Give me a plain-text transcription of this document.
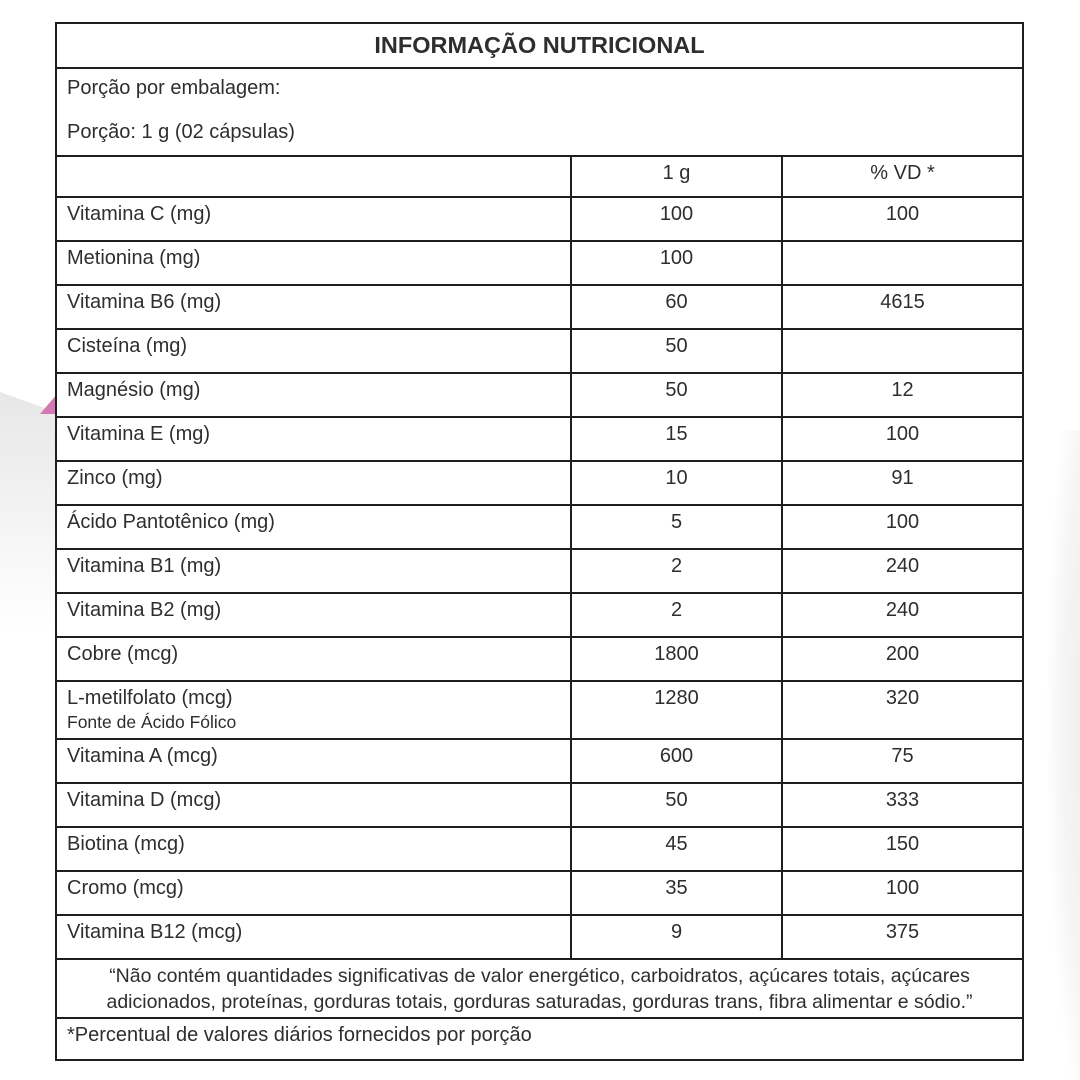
INFORMAÇÃO NUTRICIONAL		

Porção por embalagem:
Porção: 1 g (02 cápsulas)		

	1 g	% VD *

Vitamina C (mg)	100	100

Metionina (mg)	100	

Vitamina B6 (mg)	60	4615

Cisteína (mg)	50	

Magnésio (mg)	50	12

Vitamina E (mg)	15	100

Zinco (mg)	10	91

Ácido Pantotênico (mg)	5	100

Vitamina B1 (mg)	2	240

Vitamina B2 (mg)	2	240

Cobre (mcg)	1800	200

L-metilfolato (mcg)
Fonte de Ácido Fólico	1280	320

Vitamina A (mcg)	600	75

Vitamina D (mcg)	50	333

Biotina (mcg)	45	150

Cromo (mcg)	35	100

Vitamina B12 (mcg)	9	375
“Não contém quantidades significativas de valor energético, carboidratos, açúcares totais, açúcares adicionados, proteínas, gorduras totais, gorduras saturadas, gorduras trans, fibra alimentar e sódio.”		
*Percentual de valores diários fornecidos por porção		
